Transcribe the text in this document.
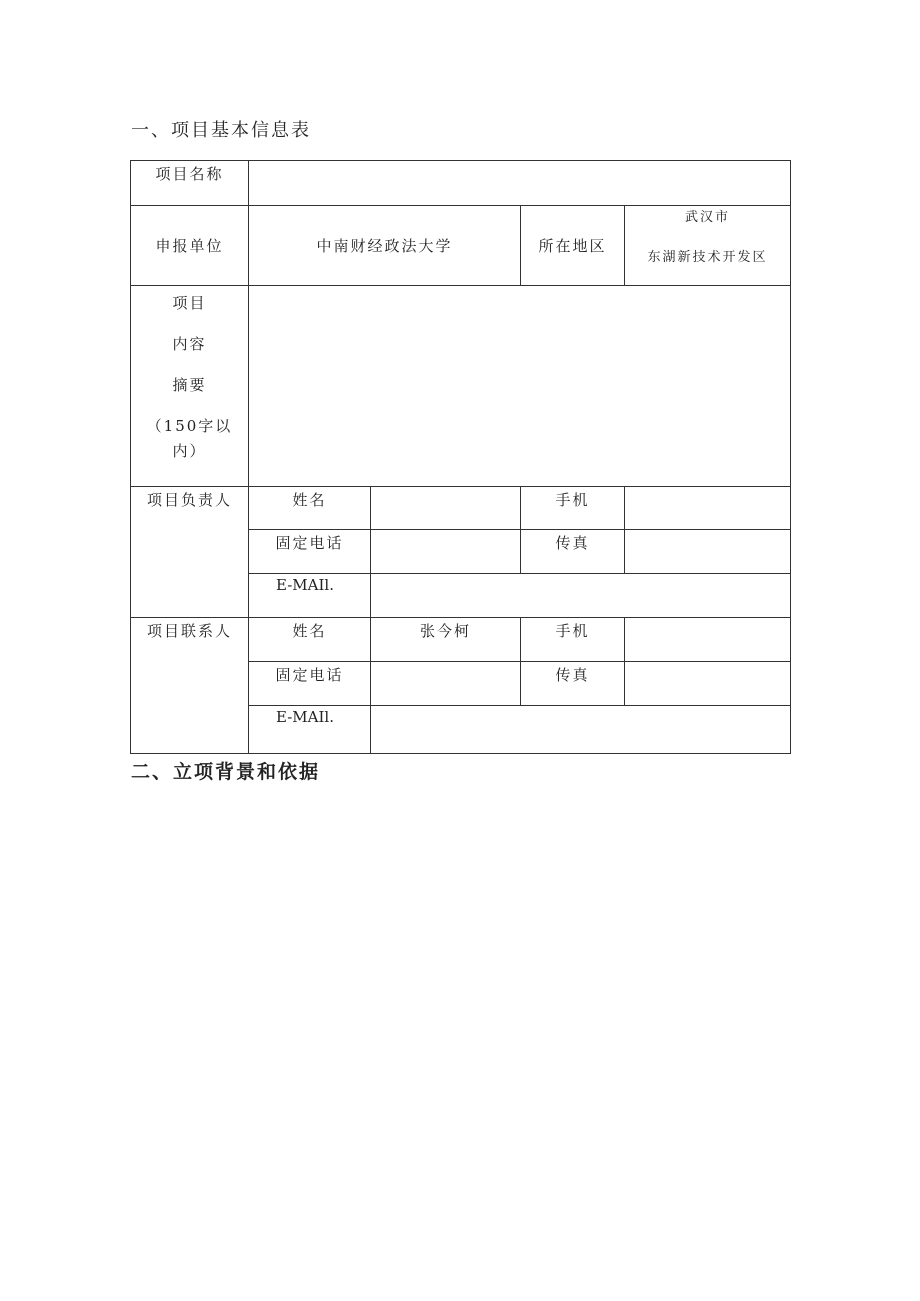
一、项目基本信息表
项目名称				
申报单位	中南财经政法大学		所在地区	武汉市
东湖新技术开发区

项目
内容
摘要
（150字以
内）				

项目负责人	姓名		手机	
	固定电话		传真	
	E-MAIl.			
项目联系人	姓名	张今柯	手机	
	固定电话		传真	
	E-MAIl.			
二、立项背景和依据
